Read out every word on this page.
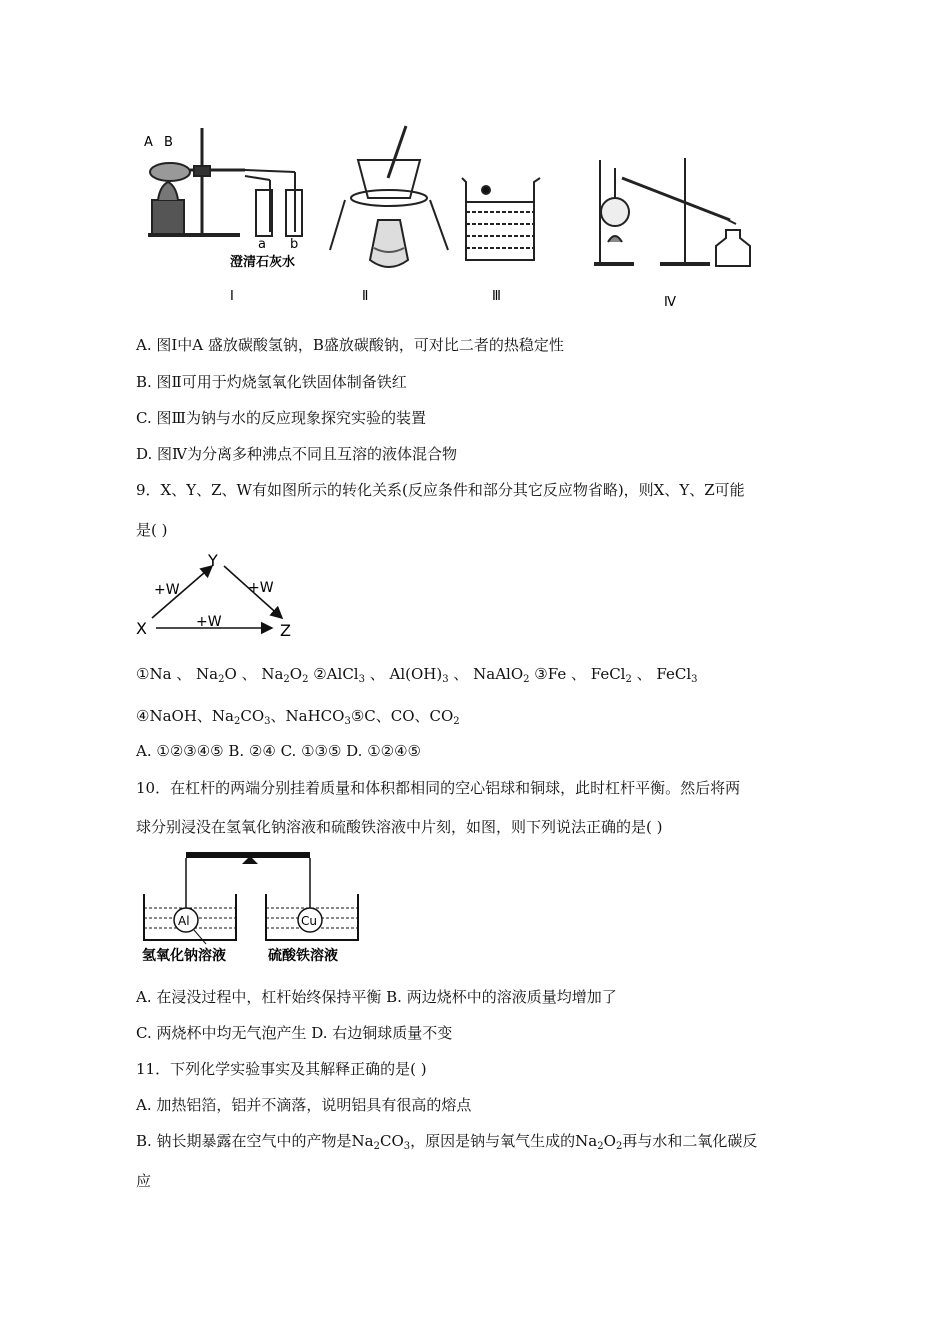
A B
a b
澄清石灰水
Ⅰ	Ⅱ	Ⅲ	Ⅳ
A. 图Ⅰ中A 盛放碳酸氢钠，B盛放碳酸钠，可对比二者的热稳定性
B. 图Ⅱ可用于灼烧氢氧化铁固体制备铁红
C. 图Ⅲ为钠与水的反应现象探究实验的装置
D. 图Ⅳ为分离多种沸点不同且互溶的液体混合物
9．X、Y、Z、W有如图所示的转化关系(反应条件和部分其它反应物省略)，则X、Y、Z可能
是( )
X
Y
Z
+W	+W
+W
①Na 、 $Na_2O$ 、 $Na_2O_2$ ②AlCl$_3$ 、 $Al(OH)_3$ 、 NaAlO$_2$ ③Fe 、 FeCl$_2$ 、 FeCl$_3$
④NaOH、$Na_2CO_3$、NaHCO$_3$⑤C、CO、$CO_2$
A. ①②③④⑤ B. ②④ C. ①③⑤ D. ①②④⑤
10．在杠杆的两端分别挂着质量和体积都相同的空心铝球和铜球，此时杠杆平衡。然后将两
球分别浸没在氢氧化钠溶液和硫酸铁溶液中片刻，如图，则下列说法正确的是( )
Al	Cu
氢氧化钠溶液	硫酸铁溶液
A. 在浸没过程中，杠杆始终保持平衡 B. 两边烧杯中的溶液质量均增加了
C. 两烧杯中均无气泡产生 D. 右边铜球质量不变
11．下列化学实验事实及其解释正确的是( )
A. 加热铝箔，铝并不滴落，说明铝具有很高的熔点
B. 钠长期暴露在空气中的产物是$Na_2CO_3$，原因是钠与氧气生成的$Na_2O_2$再与水和二氧化碳反
应
